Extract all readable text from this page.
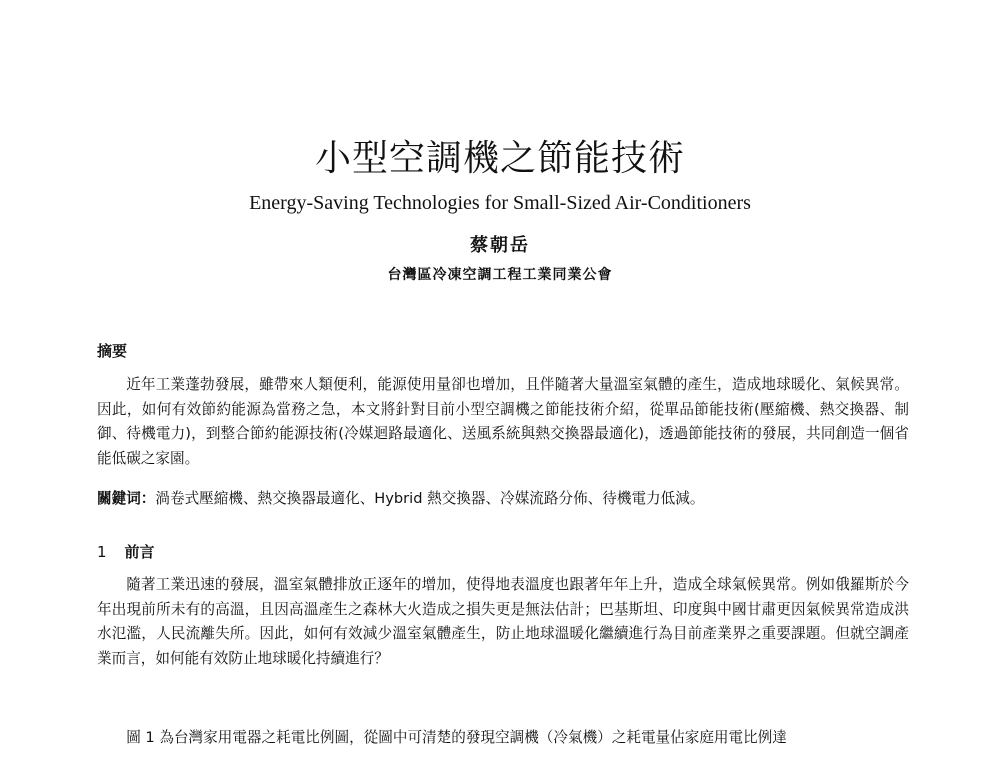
小型空調機之節能技術
Energy-Saving Technologies for Small-Sized Air-Conditioners
蔡朝岳
台灣區冷凍空調工程工業同業公會
摘要

近年工業蓬勃發展，雖帶來人類便利，能源使用量卻也增加，且伴隨著大量溫室氣體的產生，造成地球暖化、氣候異常。因此，如何有效節約能源為當務之急，本文將針對目前小型空調機之節能技術介紹，從單品節能技術(壓縮機、熱交換器、制御、待機電力)，到整合節約能源技術(冷媒迴路最適化、送風系統與熱交換器最適化)，透過節能技術的發展，共同創造一個省能低碳之家園。

關鍵词：渦卷式壓縮機、熱交換器最適化、Hybrid 熱交換器、冷媒流路分佈、待機電力低減。

1 前言

隨著工業迅速的發展，溫室氣體排放正逐年的增加，使得地表溫度也跟著年年上升，造成全球氣候異常。例如俄羅斯於今年出現前所未有的高溫，且因高溫產生之森林大火造成之損失更是無法估計；巴基斯坦、印度與中國甘肅更因氣候異常造成洪水氾濫，人民流離失所。因此，如何有效減少溫室氣體產生，防止地球溫暖化繼續進行為目前產業界之重要課題。但就空調產業而言，如何能有效防止地球暖化持續進行？

圖 1 為台灣家用電器之耗電比例圖，從圖中可清楚的發現空調機（冷氣機）之耗電量佔家庭用電比例達
